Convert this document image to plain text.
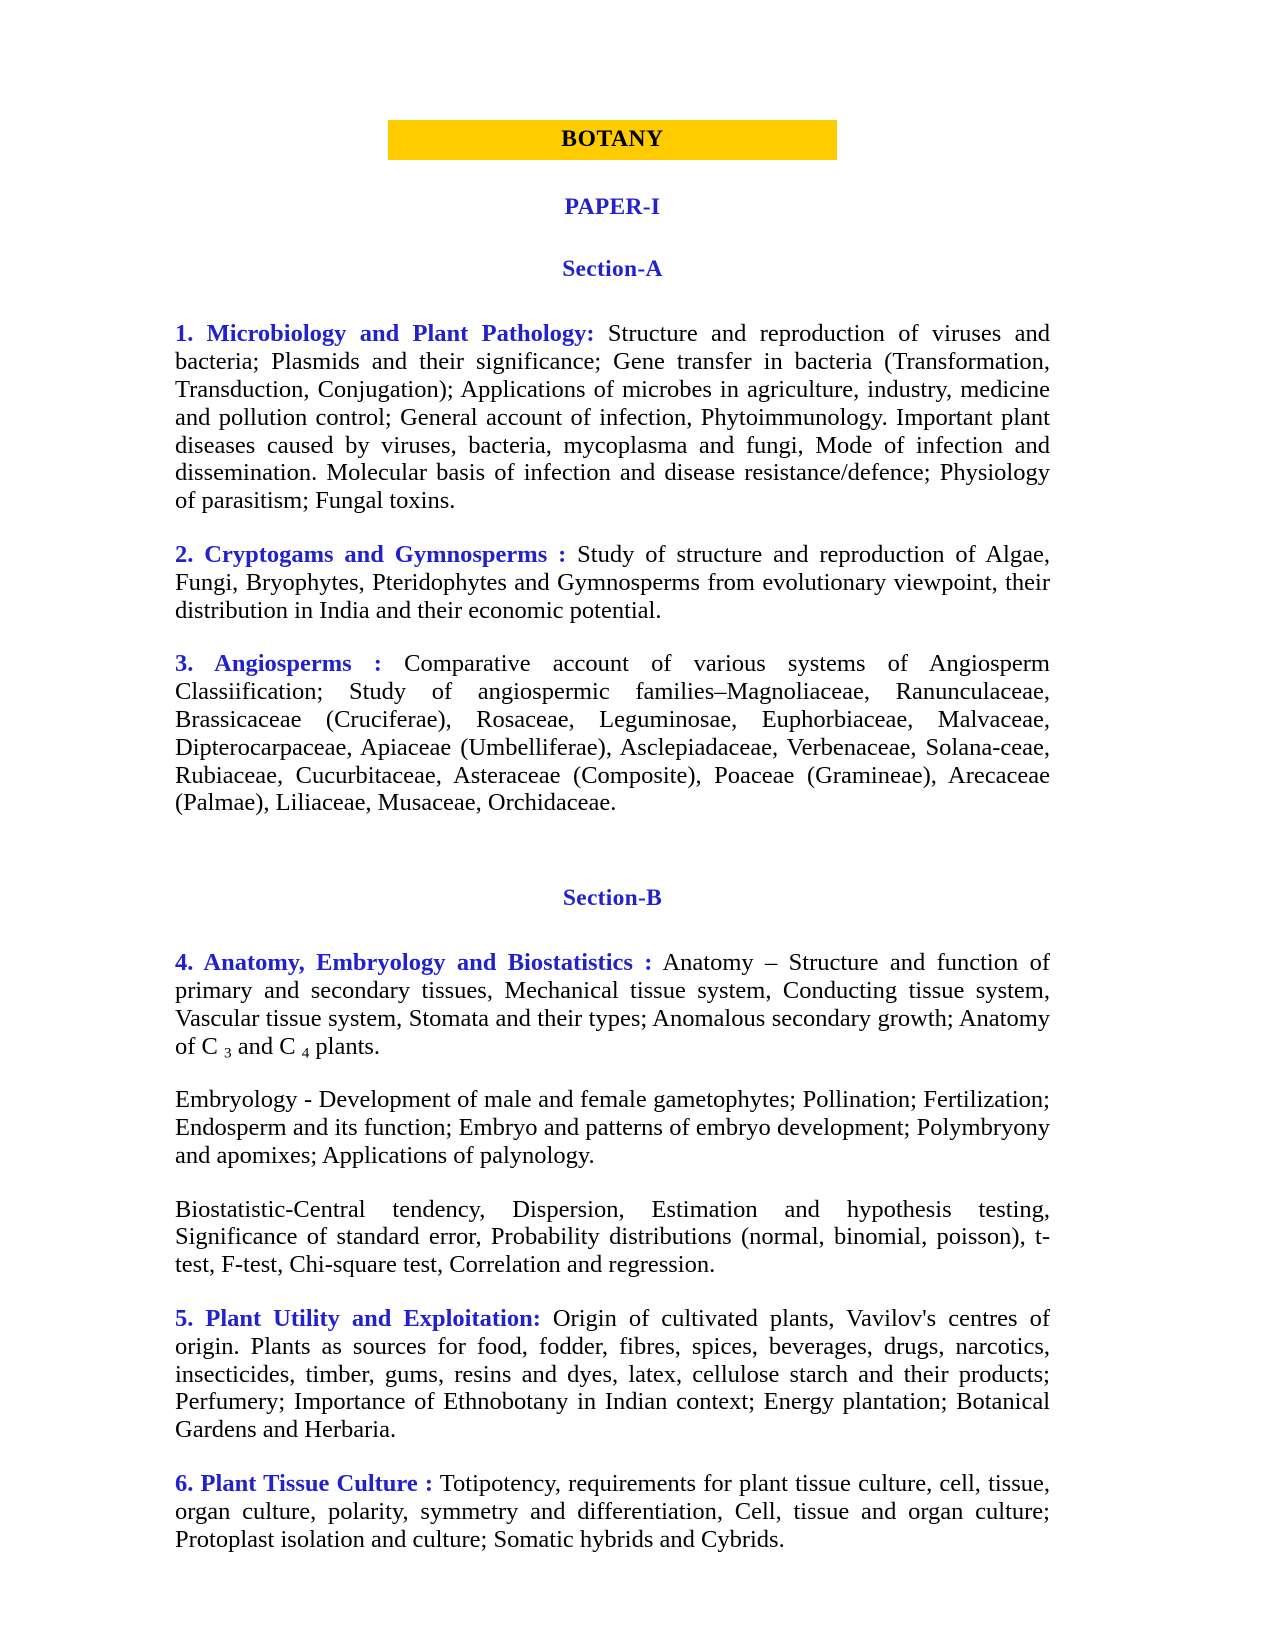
BOTANY
PAPER-I
Section-A

1. Microbiology and Plant Pathology: Structure and reproduction of viruses and bacteria; Plasmids and their significance; Gene transfer in bacteria (Transformation, Transduction, Conjugation); Applications of microbes in agriculture, industry, medicine and pollution control; General account of infection, Phytoimmunology. Important plant diseases caused by viruses, bacteria, mycoplasma and fungi, Mode of infection and dissemination. Molecular basis of infection and disease resistance/defence; Physiology of parasitism; Fungal toxins.

2. Cryptogams and Gymnosperms : Study of structure and reproduction of Algae, Fungi, Bryophytes, Pteridophytes and Gymnosperms from evolutionary viewpoint, their distribution in India and their economic potential.

3. Angiosperms : Comparative account of various systems of Angiosperm Classiification; Study of angiospermic families–Magnoliaceae, Ranunculaceae, Brassicaceae (Cruciferae), Rosaceae, Leguminosae, Euphorbiaceae, Malvaceae, Dipterocarpaceae, Apiaceae (Umbelliferae), Asclepiadaceae, Verbenaceae, Solana-ceae, Rubiaceae, Cucurbitaceae, Asteraceae (Composite), Poaceae (Gramineae), Arecaceae (Palmae), Liliaceae, Musaceae, Orchidaceae.

Section-B

4. Anatomy, Embryology and Biostatistics : Anatomy – Structure and function of primary and secondary tissues, Mechanical tissue system, Conducting tissue system, Vascular tissue system, Stomata and their types; Anomalous secondary growth; Anatomy of C $_3$ and C $_4$ plants.

Embryology - Development of male and female gametophytes; Pollination; Fertilization; Endosperm and its function; Embryo and patterns of embryo development; Polymbryony and apomixes; Applications of palynology.

Biostatistic-Central tendency, Dispersion, Estimation and hypothesis testing, Significance of standard error, Probability distributions (normal, binomial, poisson), t-test, F-test, Chi-square test, Correlation and regression.

5. Plant Utility and Exploitation: Origin of cultivated plants, Vavilov's centres of origin. Plants as sources for food, fodder, fibres, spices, beverages, drugs, narcotics, insecticides, timber, gums, resins and dyes, latex, cellulose starch and their products; Perfumery; Importance of Ethnobotany in Indian context; Energy plantation; Botanical Gardens and Herbaria.

6. Plant Tissue Culture : Totipotency, requirements for plant tissue culture, cell, tissue, organ culture, polarity, symmetry and differentiation, Cell, tissue and organ culture; Protoplast isolation and culture; Somatic hybrids and Cybrids.
